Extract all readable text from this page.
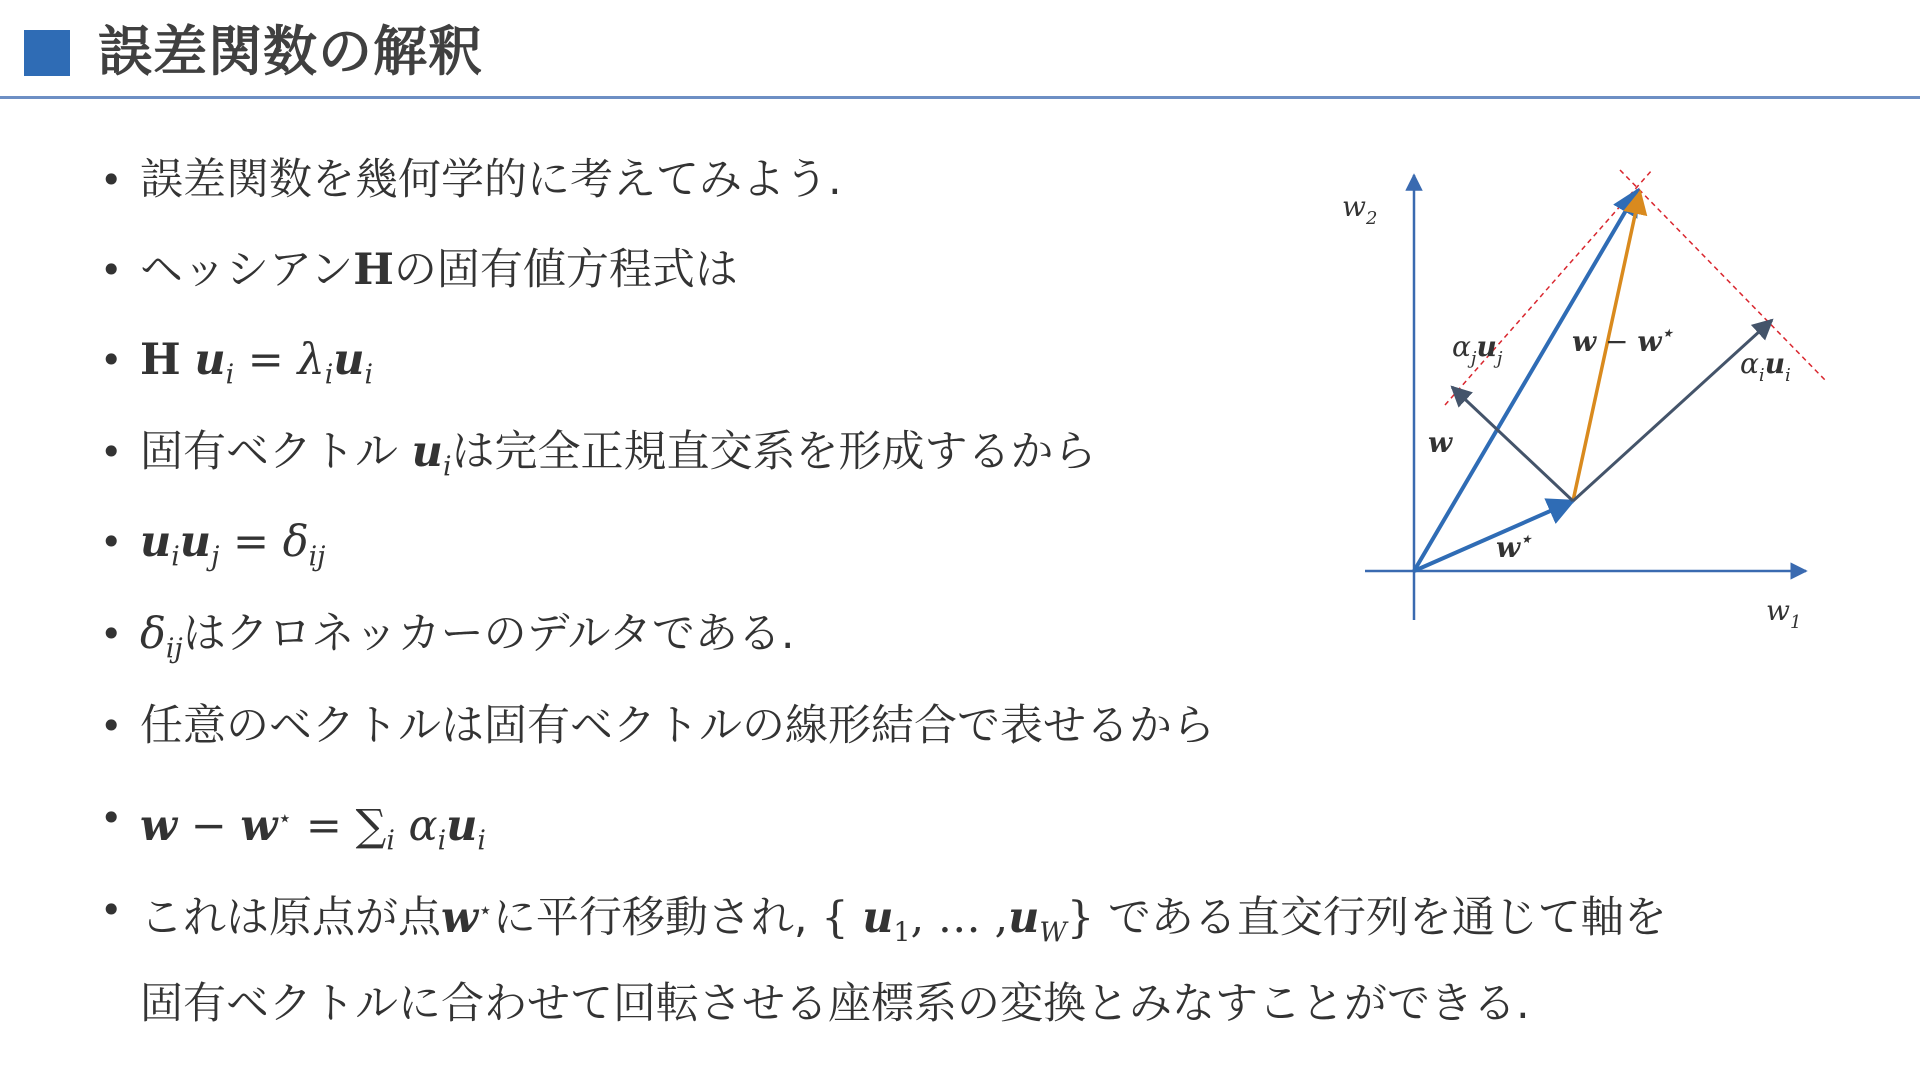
誤差関数の解釈
• 誤差関数を幾何学的に考えてみよう.
• ヘッシアンHの固有値方程式は
• H $u_i = \lambda_iu_i$
• 固有ベクトル $u_i$は完全正規直交系を形成するから
• $u_iu_j = \delta_{ij}$
• $\delta_{ij}$はクロネッカーのデルタである.
• 任意のベクトルは固有ベクトルの線形結合で表せるから
• $w - w^⋆ = \sum_i$ $\alpha_iu_i$
• これは原点が点w⋆に平行移動され, { $u_1$, … $,u_W$} である直交行列を通じて軸を
固有ベクトルに合わせて回転させる座標系の変換とみなすことができる.
$w_2$
$w_1$
w
w⋆
w − w⋆
$\alpha_ju_j$	$\alpha_iu_i$
